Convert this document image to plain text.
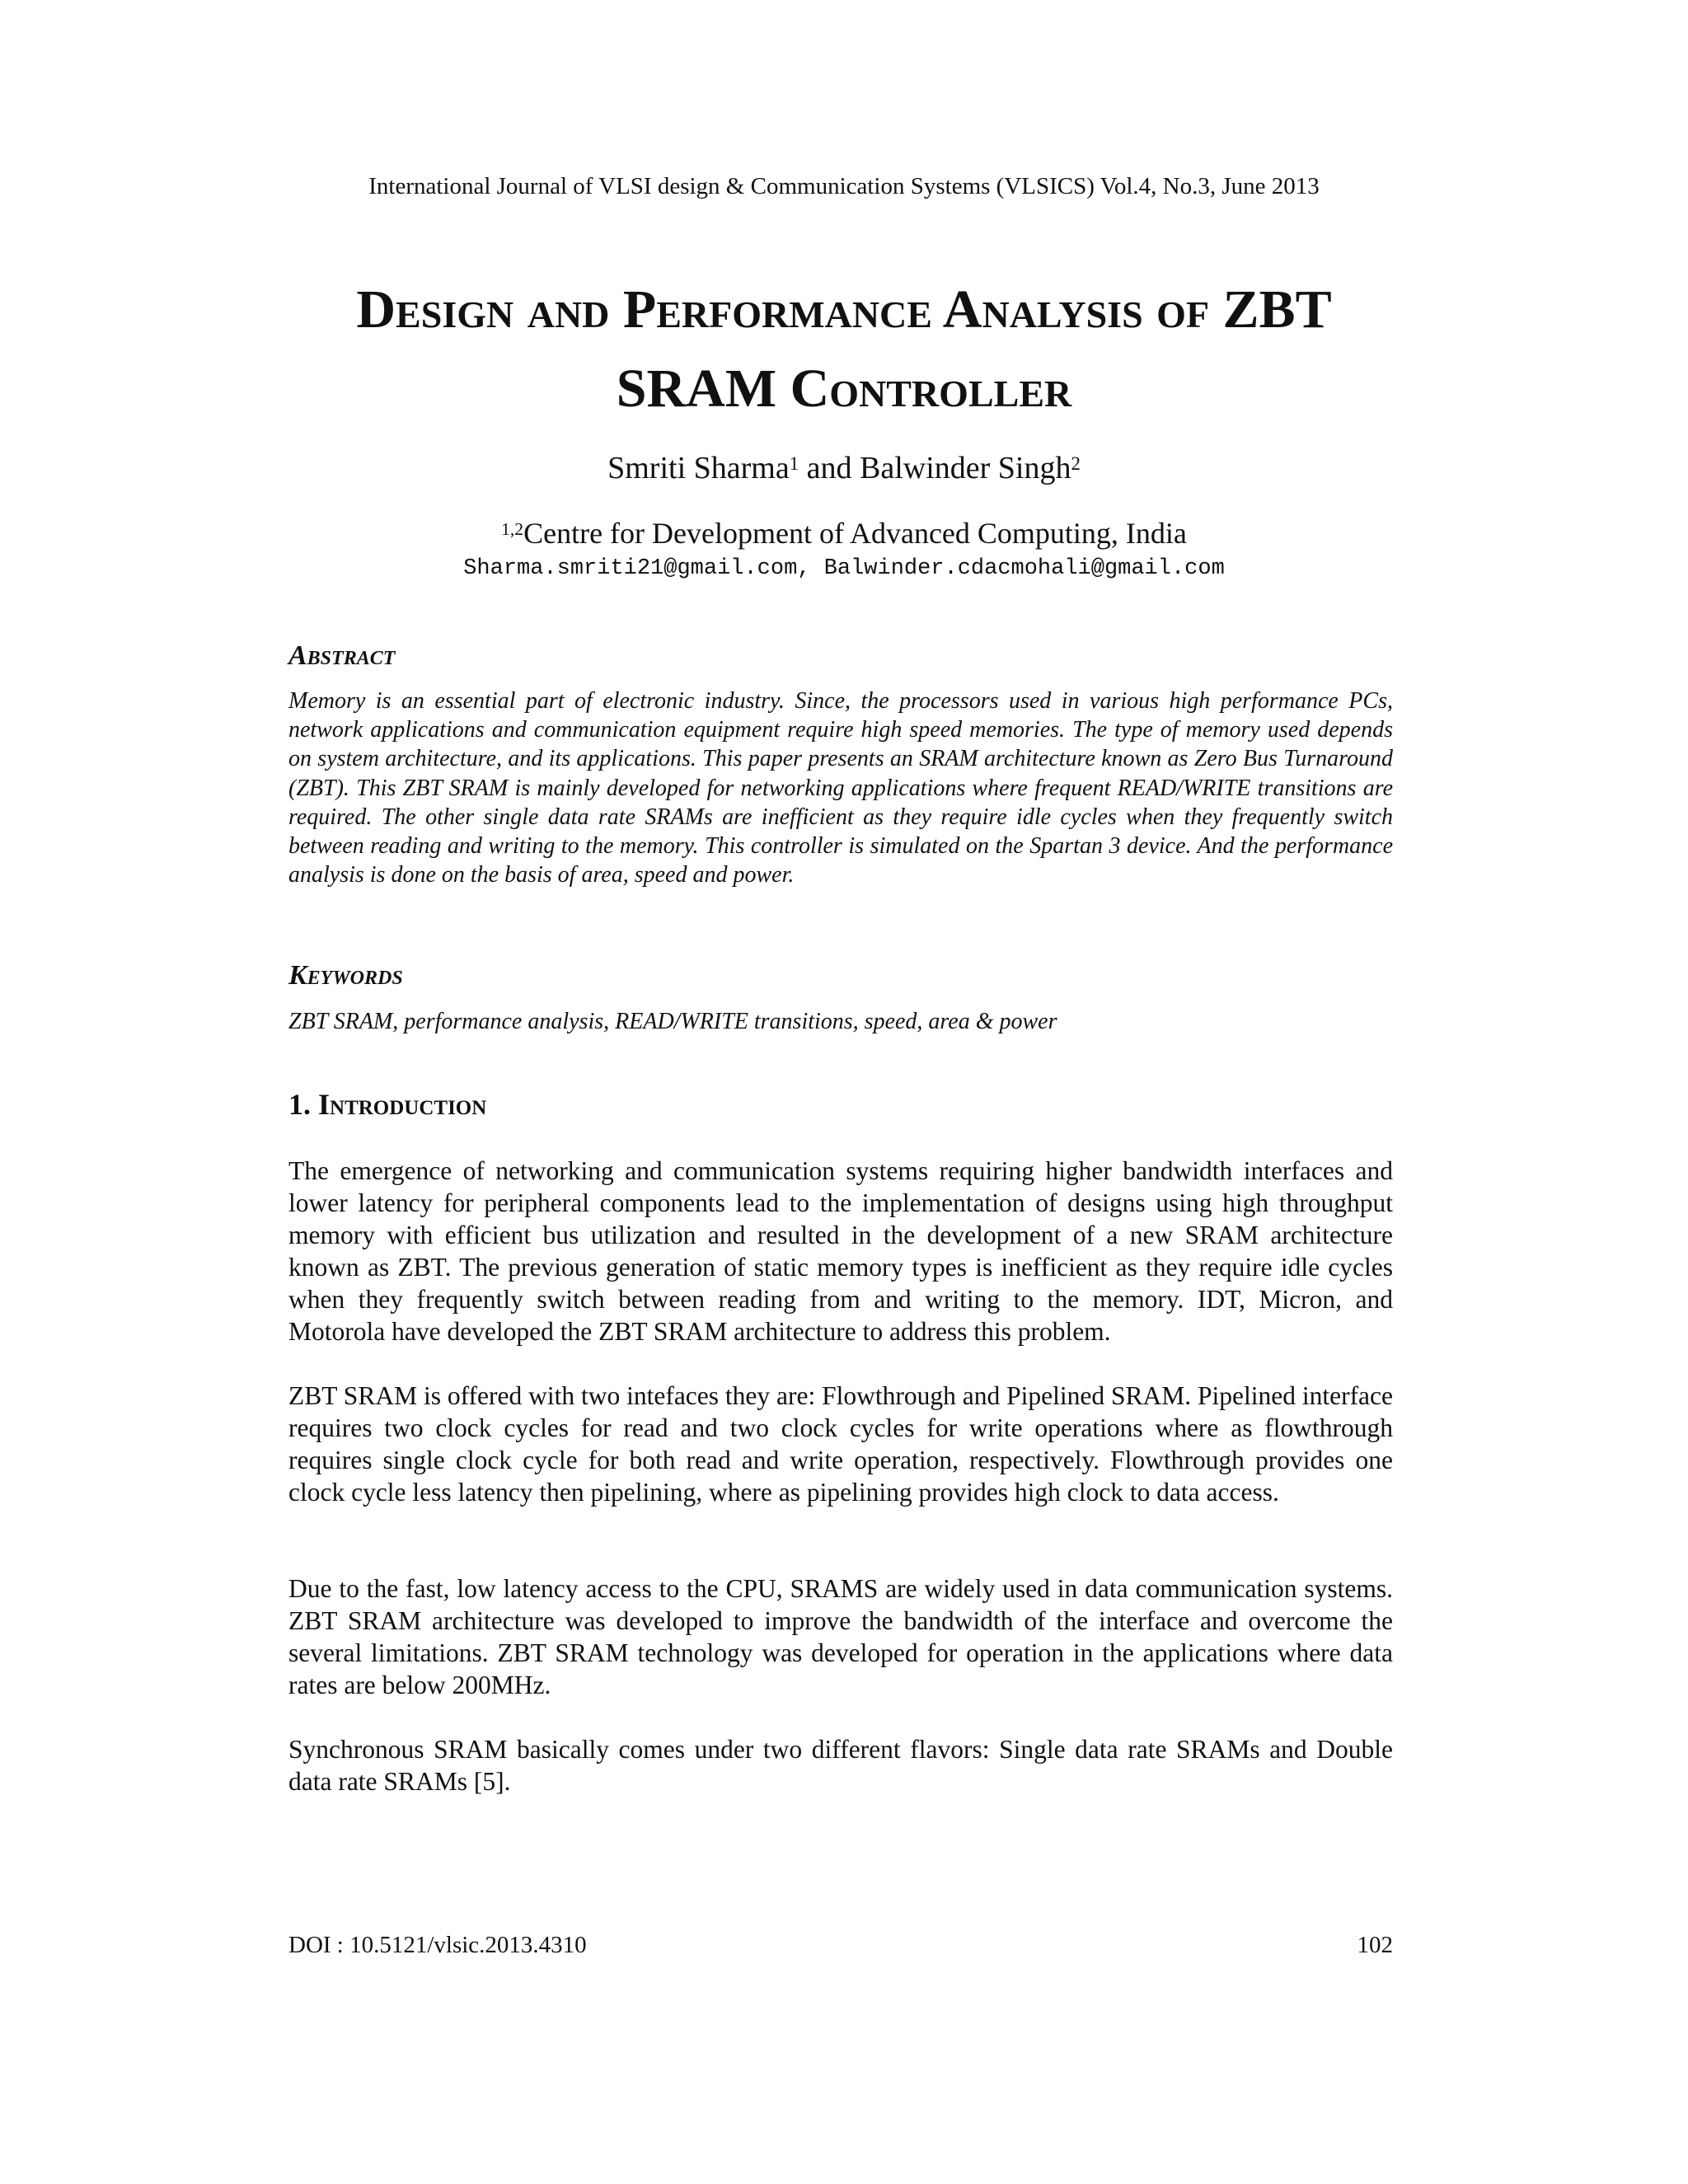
International Journal of VLSI design & Communication Systems (VLSICS) Vol.4, No.3, June 2013
Design and Performance Analysis of ZBT
SRAM Controller
Smriti Sharma$^1$ and Balwinder Singh$^2$
$^{1,2}$Centre for Development of Advanced Computing, India
Sharma.smriti21@gmail.com, Balwinder.cdacmohali@gmail.com
Abstract
Memory is an essential part of electronic industry. Since, the processors used in various high performance PCs, network applications and communication equipment require high speed memories. The type of memory used depends on system architecture, and its applications. This paper presents an SRAM architecture known as Zero Bus Turnaround (ZBT). This ZBT SRAM is mainly developed for networking applications where frequent READ/WRITE transitions are required. The other single data rate SRAMs are inefficient as they require idle cycles when they frequently switch between reading and writing to the memory. This controller is simulated on the Spartan 3 device. And the performance analysis is done on the basis of area, speed and power.
Keywords
ZBT SRAM, performance analysis, READ/WRITE transitions, speed, area & power
1. Introduction
The emergence of networking and communication systems requiring higher bandwidth interfaces and lower latency for peripheral components lead to the implementation of designs using high throughput memory with efficient bus utilization and resulted in the development of a new SRAM architecture known as ZBT. The previous generation of static memory types is inefficient as they require idle cycles when they frequently switch between reading from and writing to the memory. IDT, Micron, and Motorola have developed the ZBT SRAM architecture to address this problem.
ZBT SRAM is offered with two intefaces they are: Flowthrough and Pipelined SRAM. Pipelined interface requires two clock cycles for read and two clock cycles for write operations where as flowthrough requires single clock cycle for both read and write operation, respectively. Flowthrough provides one clock cycle less latency then pipelining, where as pipelining provides high clock to data access.
Due to the fast, low latency access to the CPU, SRAMS are widely used in data communication systems. ZBT SRAM architecture was developed to improve the bandwidth of the interface and overcome the several limitations. ZBT SRAM technology was developed for operation in the applications where data rates are below 200MHz.
Synchronous SRAM basically comes under two different flavors: Single data rate SRAMs and Double data rate SRAMs [5].
DOI : 10.5121/vlsic.2013.4310	102
